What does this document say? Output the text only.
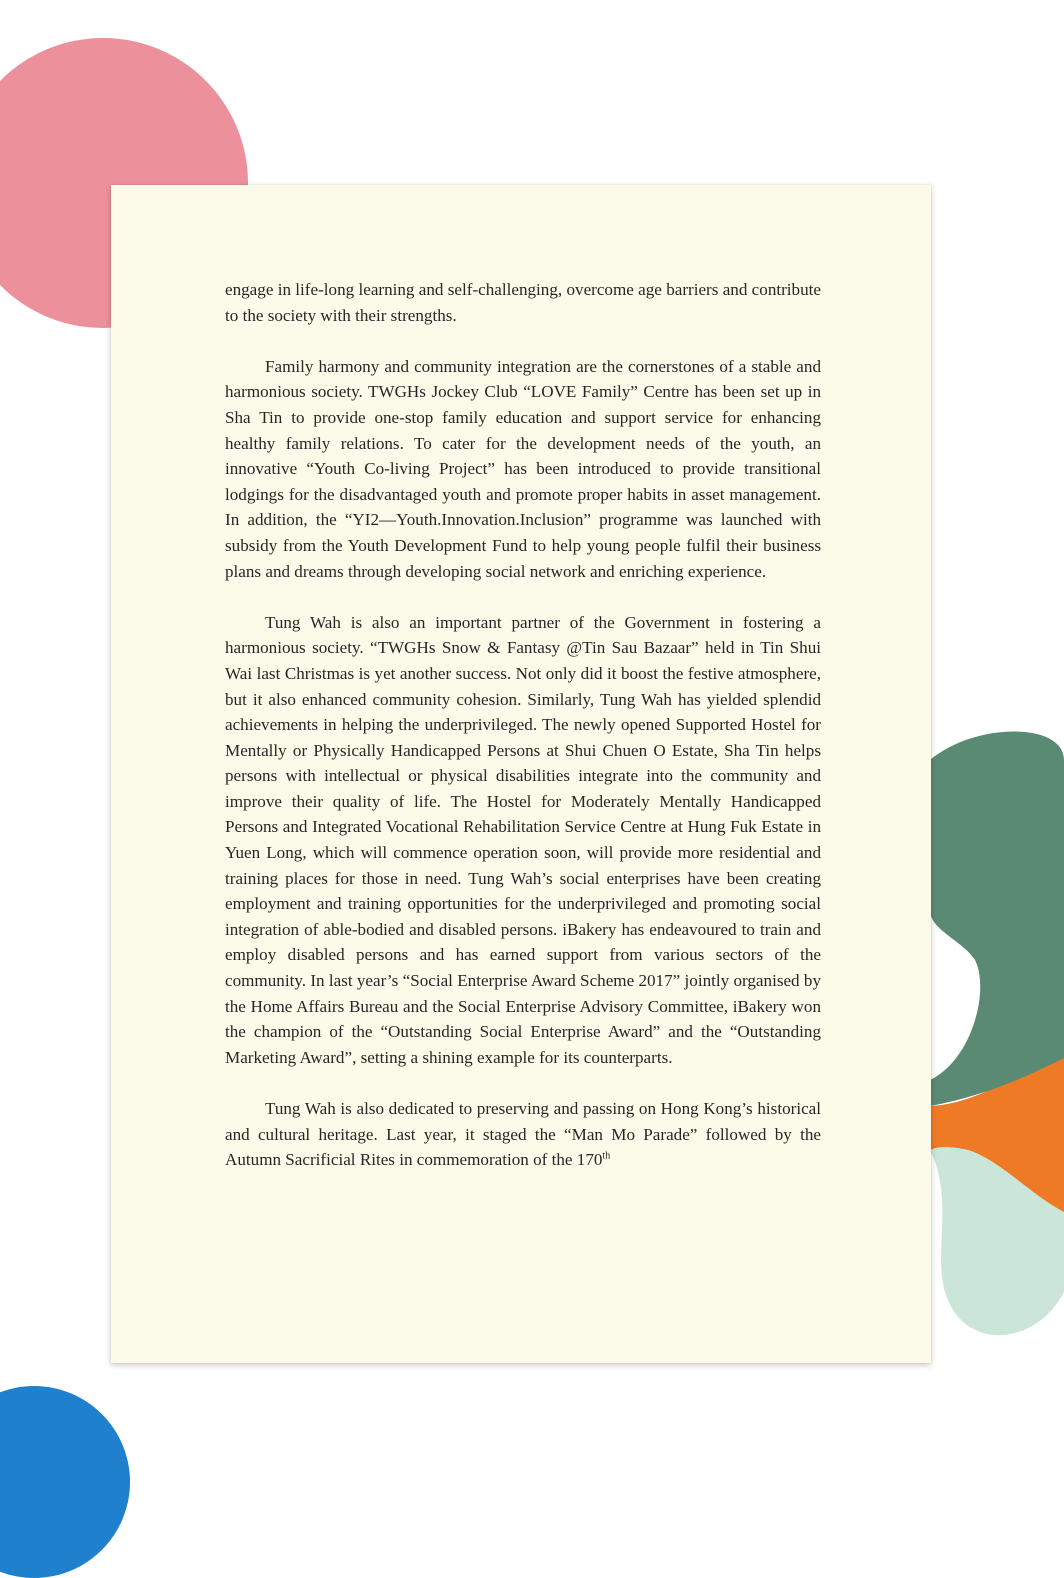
engage in life-long learning and self-challenging, overcome age barriers and contribute to the society with their strengths.

Family harmony and community integration are the cornerstones of a stable and harmonious society. TWGHs Jockey Club “LOVE Family” Centre has been set up in Sha Tin to provide one-stop family education and support service for enhancing healthy family relations. To cater for the development needs of the youth, an innovative “Youth Co-living Project” has been introduced to provide transitional lodgings for the disadvantaged youth and promote proper habits in asset management. In addition, the “YI2—Youth.Innovation.Inclusion” programme was launched with subsidy from the Youth Development Fund to help young people fulfil their business plans and dreams through developing social network and enriching experience.

Tung Wah is also an important partner of the Government in fostering a harmonious society. “TWGHs Snow & Fantasy @Tin Sau Bazaar” held in Tin Shui Wai last Christmas is yet another success. Not only did it boost the festive atmosphere, but it also enhanced community cohesion. Similarly, Tung Wah has yielded splendid achievements in helping the underprivileged. The newly opened Supported Hostel for Mentally or Physically Handicapped Persons at Shui Chuen O Estate, Sha Tin helps persons with intellectual or physical disabilities integrate into the community and improve their quality of life. The Hostel for Moderately Mentally Handicapped Persons and Integrated Vocational Rehabilitation Service Centre at Hung Fuk Estate in Yuen Long, which will commence operation soon, will provide more residential and training places for those in need. Tung Wah’s social enterprises have been creating employment and training opportunities for the underprivileged and promoting social integration of able-bodied and disabled persons. iBakery has endeavoured to train and employ disabled persons and has earned support from various sectors of the community. In last year’s “Social Enterprise Award Scheme 2017” jointly organised by the Home Affairs Bureau and the Social Enterprise Advisory Committee, iBakery won the champion of the “Outstanding Social Enterprise Award” and the “Outstanding Marketing Award”, setting a shining example for its counterparts.

Tung Wah is also dedicated to preserving and passing on Hong Kong’s historical and cultural heritage. Last year, it staged the “Man Mo Parade” followed by the Autumn Sacrificial Rites in commemoration of the 170th
